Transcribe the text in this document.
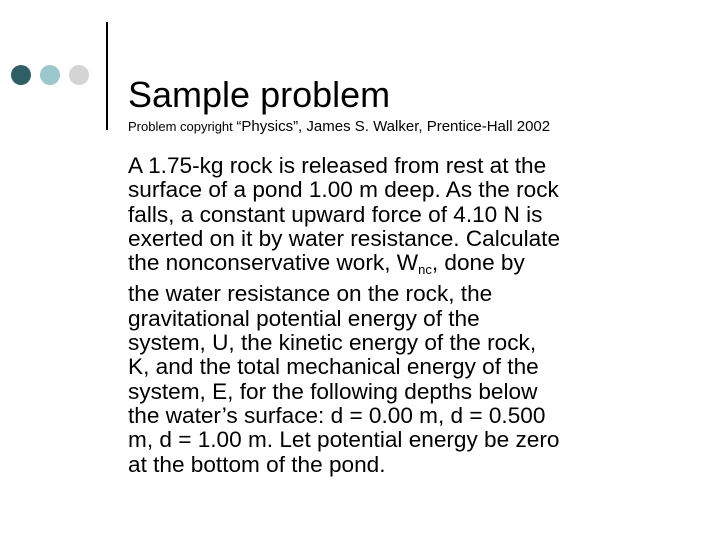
Sample problem
Problem copyright “Physics”, James S. Walker, Prentice-Hall 2002
A 1.75-kg rock is released from rest at the
surface of a pond 1.00 m deep. As the rock
falls, a constant upward force of 4.10 N is
exerted on it by water resistance. Calculate
the nonconservative work, $W_{nc}$, done by
the water resistance on the rock, the
gravitational potential energy of the
system, U, the kinetic energy of the rock,
K, and the total mechanical energy of the
system, E, for the following depths below
the water’s surface: d = 0.00 m, d = 0.500
m, d = 1.00 m. Let potential energy be zero
at the bottom of the pond.
